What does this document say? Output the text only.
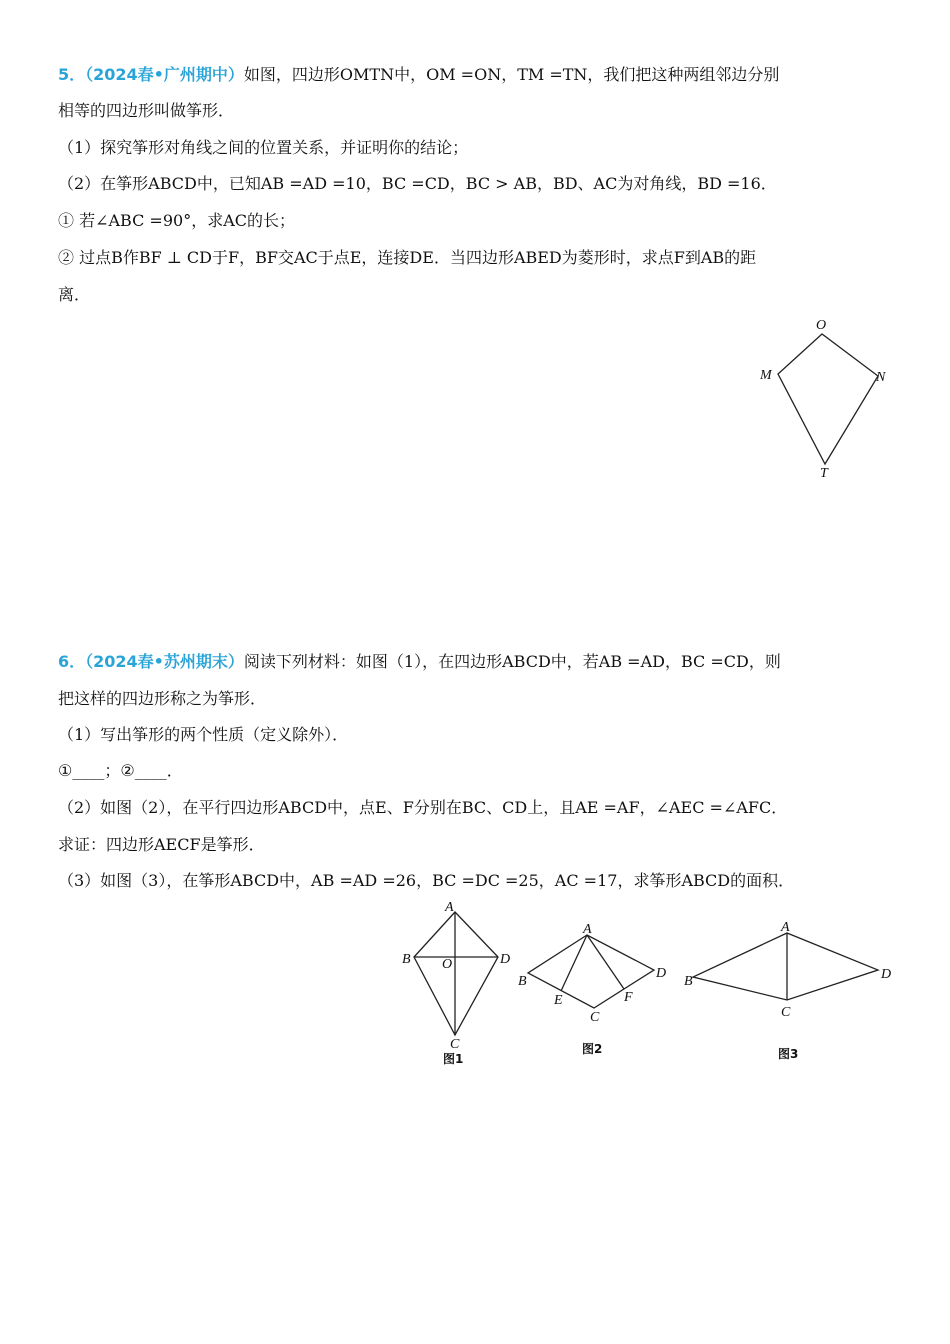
5．（2024春•广州期中）如图，四边形OMTN中，OM =ON，TM =TN，我们把这种两组邻边分别
相等的四边形叫做筝形．
（1）探究筝形对角线之间的位置关系，并证明你的结论；
（2）在筝形ABCD中，已知AB =AD =10，BC =CD，BC > AB，BD、AC为对角线，BD =16．
① 若∠ABC =90°，求AC的长；
② 过点B作BF ⊥ CD于F，BF交AC于点E，连接DE．当四边形ABED为菱形时，求点F到AB的距
离．
O
M	N
T
6．（2024春•苏州期末）阅读下列材料：如图（1），在四边形ABCD中，若AB =AD，BC =CD，则
把这样的四边形称之为筝形．
（1）写出筝形的两个性质（定义除外）．
①____；②____．
（2）如图（2），在平行四边形ABCD中，点E、F分别在BC、CD上，且AE =AF，∠AEC =∠AFC．
求证：四边形AECF是筝形．
（3）如图（3），在筝形ABCD中，AB =AD =26，BC =DC =25，AC =17，求筝形ABCD的面积．
A
B	D
O
C
图1
A
B
D
E	F
C
图2
A
B	D
C
图3
